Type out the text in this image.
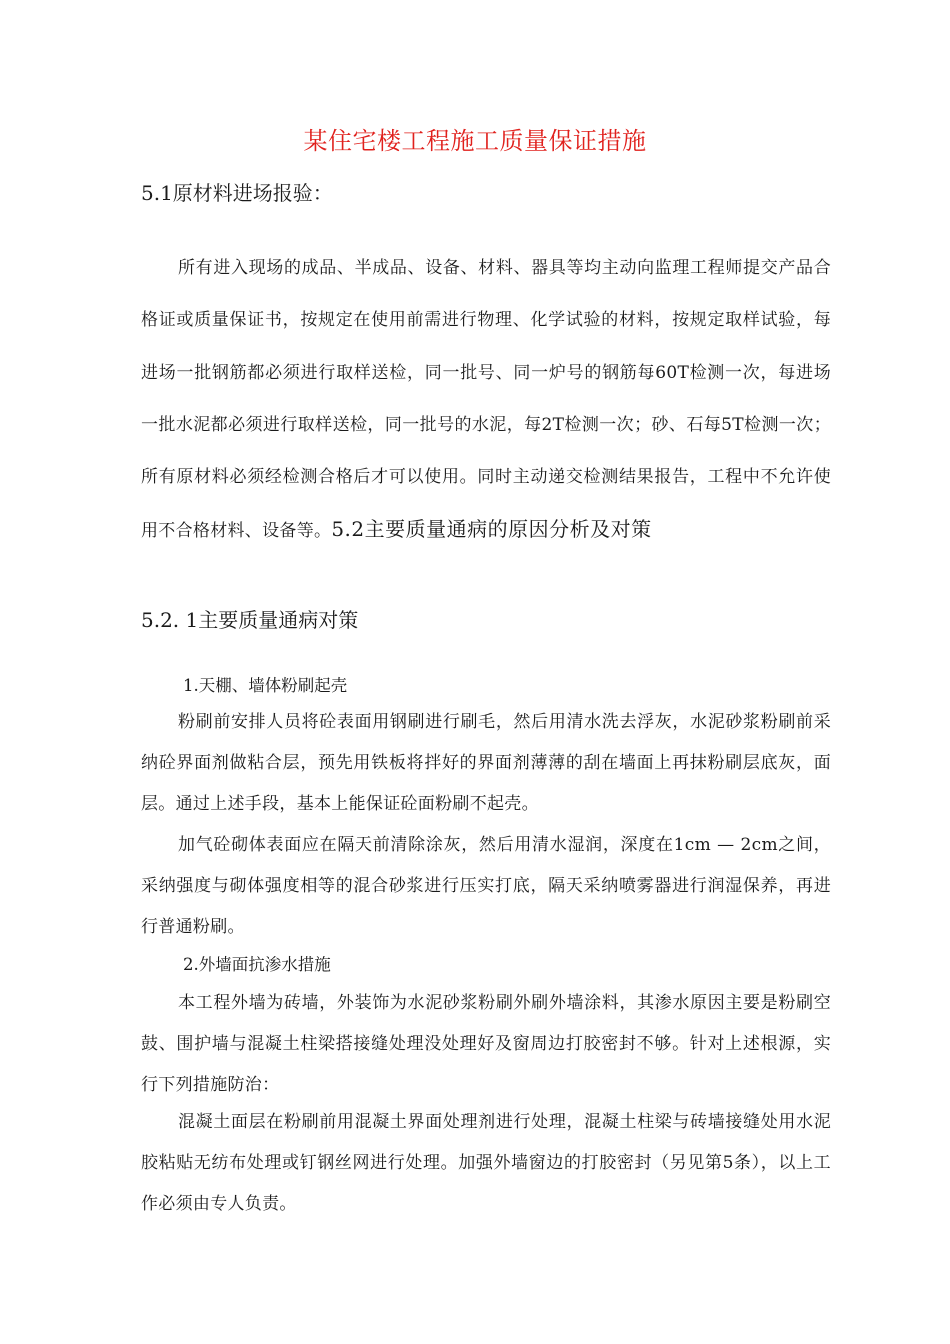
某住宅楼工程施工质量保证措施
5.1原材料进场报验：

所有进入现场的成品、半成品、设备、材料、器具等均主动向监理工程师提交产品合格证或质量保证书，按规定在使用前需进行物理、化学试验的材料，按规定取样试验，每进场一批钢筋都必须进行取样送检，同一批号、同一炉号的钢筋每60T检测一次，每进场一批水泥都必须进行取样送检，同一批号的水泥，每2T检测一次；砂、石每5T检测一次；所有原材料必须经检测合格后才可以使用。同时主动递交检测结果报告，工程中不允许使用不合格材料、设备等。5.2主要质量通病的原因分析及对策

5.2. 1主要质量通病对策
1.天棚、墙体粉刷起壳

粉刷前安排人员将砼表面用钢刷进行刷毛，然后用清水洗去浮灰，水泥砂浆粉刷前采纳砼界面剂做粘合层，预先用铁板将拌好的界面剂薄薄的刮在墙面上再抹粉刷层底灰，面层。通过上述手段，基本上能保证砼面粉刷不起壳。

加气砼砌体表面应在隔天前清除涂灰，然后用清水湿润，深度在1cm — 2cm之间，采纳强度与砌体强度相等的混合砂浆进行压实打底，隔天采纳喷雾器进行润湿保养，再进行普通粉刷。

2.外墙面抗渗水措施

本工程外墙为砖墙，外装饰为水泥砂浆粉刷外刷外墙涂料，其渗水原因主要是粉刷空鼓、围护墙与混凝土柱梁搭接缝处理没处理好及窗周边打胶密封不够。针对上述根源，实行下列措施防治：

混凝土面层在粉刷前用混凝土界面处理剂进行处理，混凝土柱梁与砖墙接缝处用水泥胶粘贴无纺布处理或钉钢丝网进行处理。加强外墙窗边的打胶密封（另见第5条），以上工作必须由专人负责。
